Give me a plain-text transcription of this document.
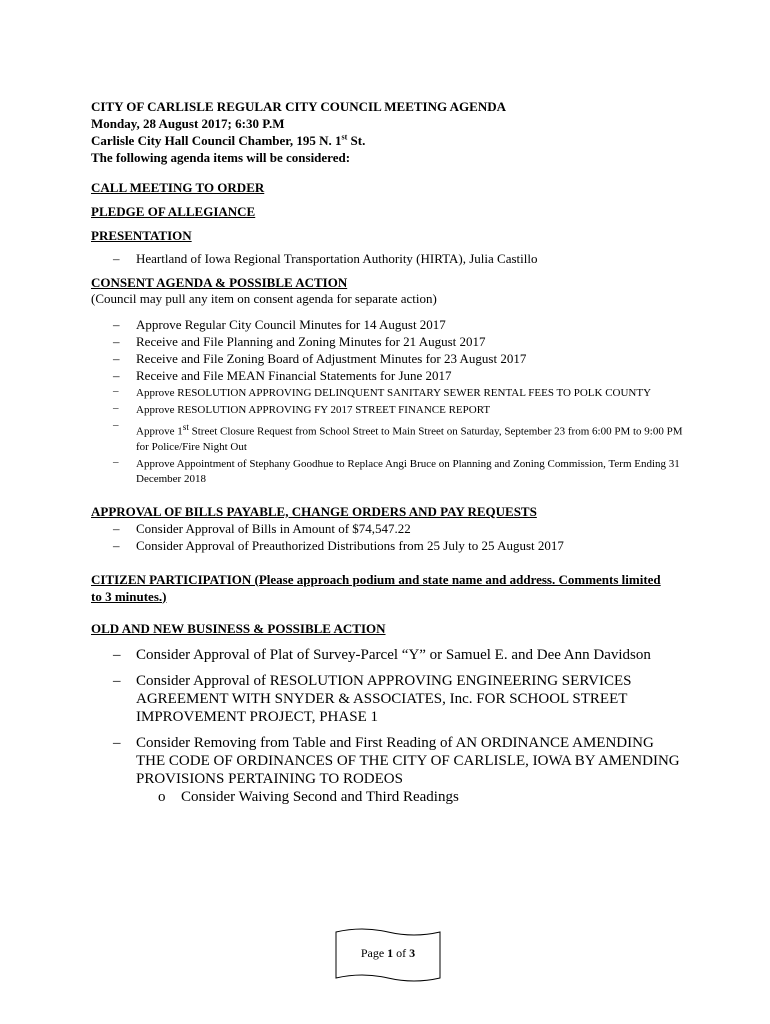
CITY OF CARLISLE REGULAR CITY COUNCIL MEETING AGENDA

Monday, 28 August 2017; 6:30 P.M

Carlisle City Hall Council Chamber, 195 N. 1st St.

The following agenda items will be considered:

CALL MEETING TO ORDER

PLEDGE OF ALLEGIANCE

PRESENTATION

– Heartland of Iowa Regional Transportation Authority (HIRTA), Julia Castillo

CONSENT AGENDA & POSSIBLE ACTION

(Council may pull any item on consent agenda for separate action)

– Approve Regular City Council Minutes for 14 August 2017
– Receive and File Planning and Zoning Minutes for 21 August 2017
– Receive and File Zoning Board of Adjustment Minutes for 23 August 2017
– Receive and File MEAN Financial Statements for June 2017
– Approve RESOLUTION APPROVING DELINQUENT SANITARY SEWER RENTAL FEES TO POLK COUNTY
– Approve RESOLUTION APPROVING FY 2017 STREET FINANCE REPORT
– Approve 1st Street Closure Request from School Street to Main Street on Saturday, September 23 from 6:00 PM to 9:00 PM for Police/Fire Night Out
– Approve Appointment of Stephany Goodhue to Replace Angi Bruce on Planning and Zoning Commission, Term Ending 31 December 2018

APPROVAL OF BILLS PAYABLE, CHANGE ORDERS AND PAY REQUESTS

– Consider Approval of Bills in Amount of $74,547.22
– Consider Approval of Preauthorized Distributions from 25 July to 25 August 2017

CITIZEN PARTICIPATION (Please approach podium and state name and address. Comments limited to 3 minutes.)

OLD AND NEW BUSINESS & POSSIBLE ACTION

– Consider Approval of Plat of Survey-Parcel “Y” or Samuel E. and Dee Ann Davidson
– Consider Approval of RESOLUTION APPROVING ENGINEERING SERVICES AGREEMENT WITH SNYDER & ASSOCIATES, Inc. FOR SCHOOL STREET IMPROVEMENT PROJECT, PHASE 1
– Consider Removing from Table and First Reading of AN ORDINANCE AMENDING THE CODE OF ORDINANCES OF THE CITY OF CARLISLE, IOWA BY AMENDING PROVISIONS PERTAINING TO RODEOS
o Consider Waiving Second and Third Readings
Page 1 of 3
